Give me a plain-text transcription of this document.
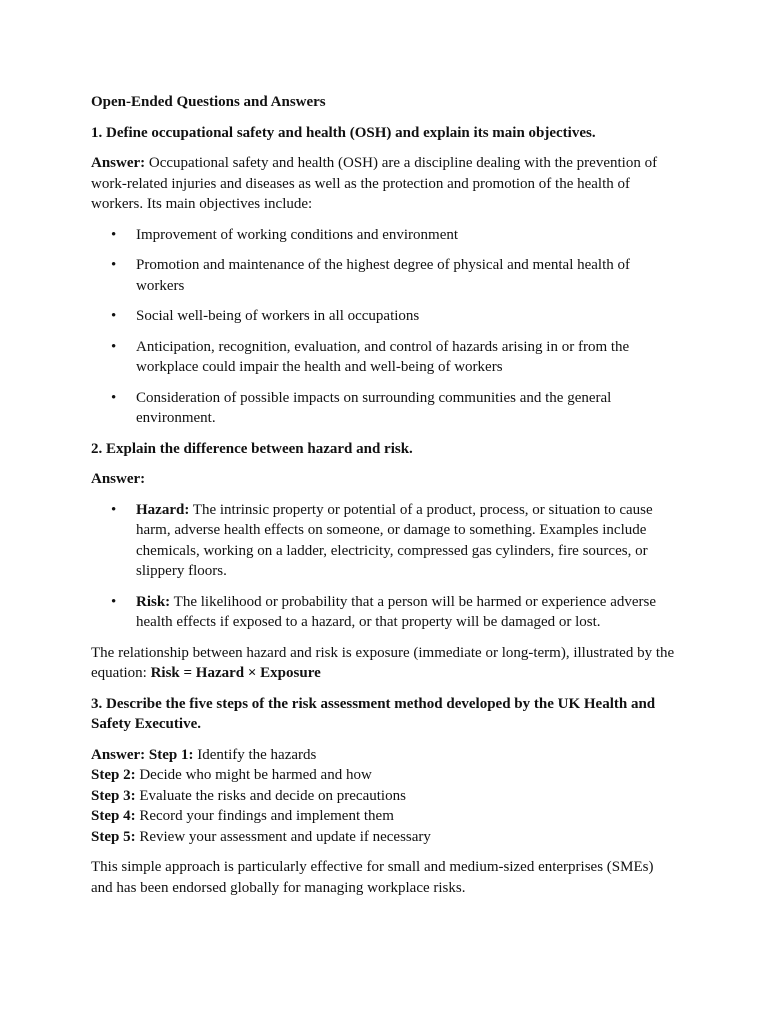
Open-Ended Questions and Answers

1. Define occupational safety and health (OSH) and explain its main objectives.

Answer: Occupational safety and health (OSH) are a discipline dealing with the prevention of work-related injuries and diseases as well as the protection and promotion of the health of workers. Its main objectives include:

• Improvement of working conditions and environment
• Promotion and maintenance of the highest degree of physical and mental health of workers
• Social well-being of workers in all occupations
• Anticipation, recognition, evaluation, and control of hazards arising in or from the workplace could impair the health and well-being of workers
• Consideration of possible impacts on surrounding communities and the general environment.

2. Explain the difference between hazard and risk.

Answer:

• Hazard: The intrinsic property or potential of a product, process, or situation to cause harm, adverse health effects on someone, or damage to something. Examples include chemicals, working on a ladder, electricity, compressed gas cylinders, fire sources, or slippery floors.
• Risk: The likelihood or probability that a person will be harmed or experience adverse health effects if exposed to a hazard, or that property will be damaged or lost.

The relationship between hazard and risk is exposure (immediate or long-term), illustrated by the equation: Risk = Hazard × Exposure

3. Describe the five steps of the risk assessment method developed by the UK Health and Safety Executive.

Answer: Step 1: Identify the hazards
Step 2: Decide who might be harmed and how
Step 3: Evaluate the risks and decide on precautions
Step 4: Record your findings and implement them
Step 5: Review your assessment and update if necessary

This simple approach is particularly effective for small and medium-sized enterprises (SMEs) and has been endorsed globally for managing workplace risks.
